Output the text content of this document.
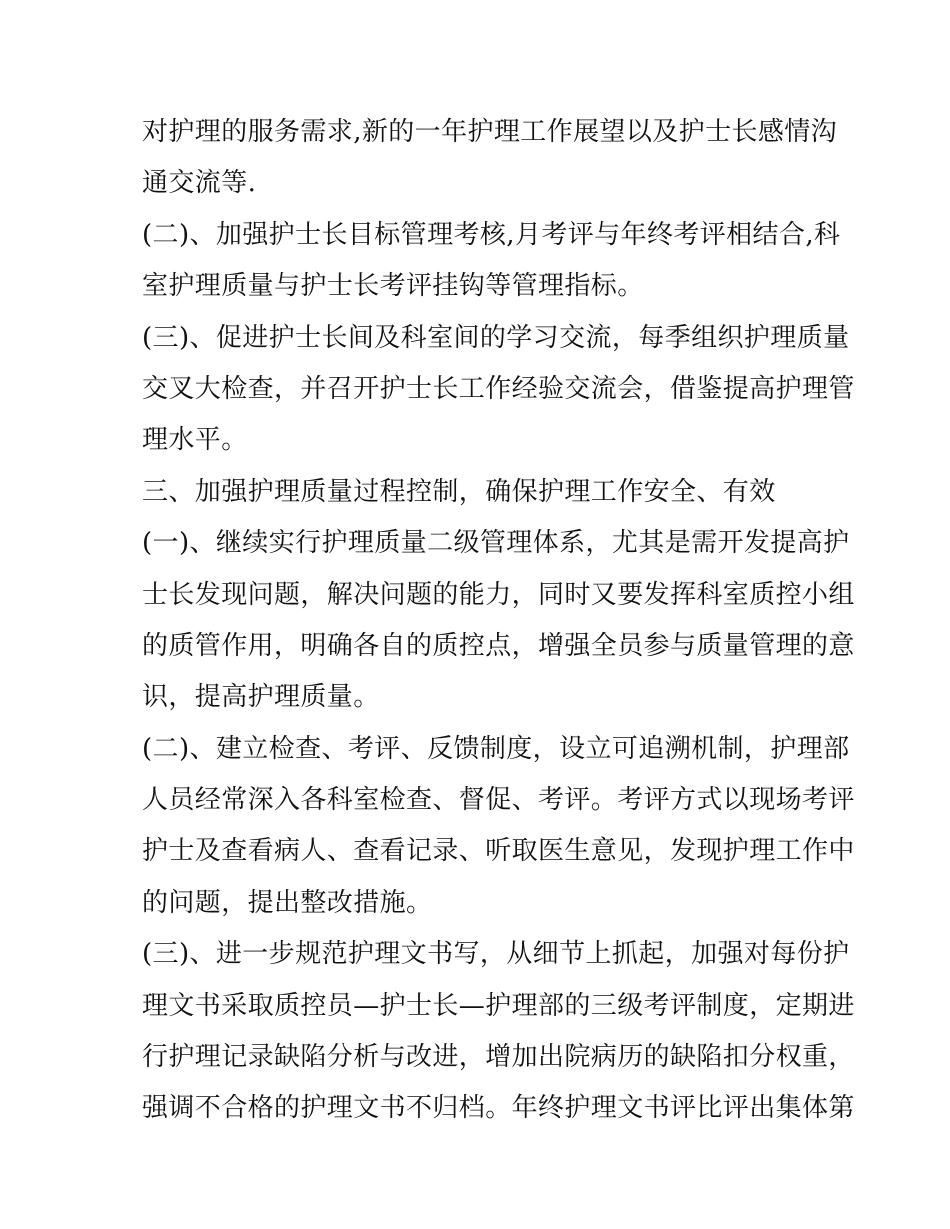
对护理的服务需求,新的一年护理工作展望以及护士长感情沟
通交流等.
(二)、加强护士长目标管理考核,月考评与年终考评相结合,科
室护理质量与护士长考评挂钩等管理指标。
(三)、促进护士长间及科室间的学习交流，每季组织护理质量
交叉大检查，并召开护士长工作经验交流会，借鉴提高护理管
理水平。
三、加强护理质量过程控制，确保护理工作安全、有效
(一)、继续实行护理质量二级管理体系，尤其是需开发提高护
士长发现问题，解决问题的能力，同时又要发挥科室质控小组
的质管作用，明确各自的质控点，增强全员参与质量管理的意
识，提高护理质量。
(二)、建立检查、考评、反馈制度，设立可追溯机制，护理部
人员经常深入各科室检查、督促、考评。考评方式以现场考评
护士及查看病人、查看记录、听取医生意见，发现护理工作中
的问题，提出整改措施。
(三)、进一步规范护理文书写，从细节上抓起，加强对每份护
理文书采取质控员—护士长—护理部的三级考评制度，定期进
行护理记录缺陷分析与改进，增加出院病历的缺陷扣分权重，
强调不合格的护理文书不归档。年终护理文书评比评出集体第
